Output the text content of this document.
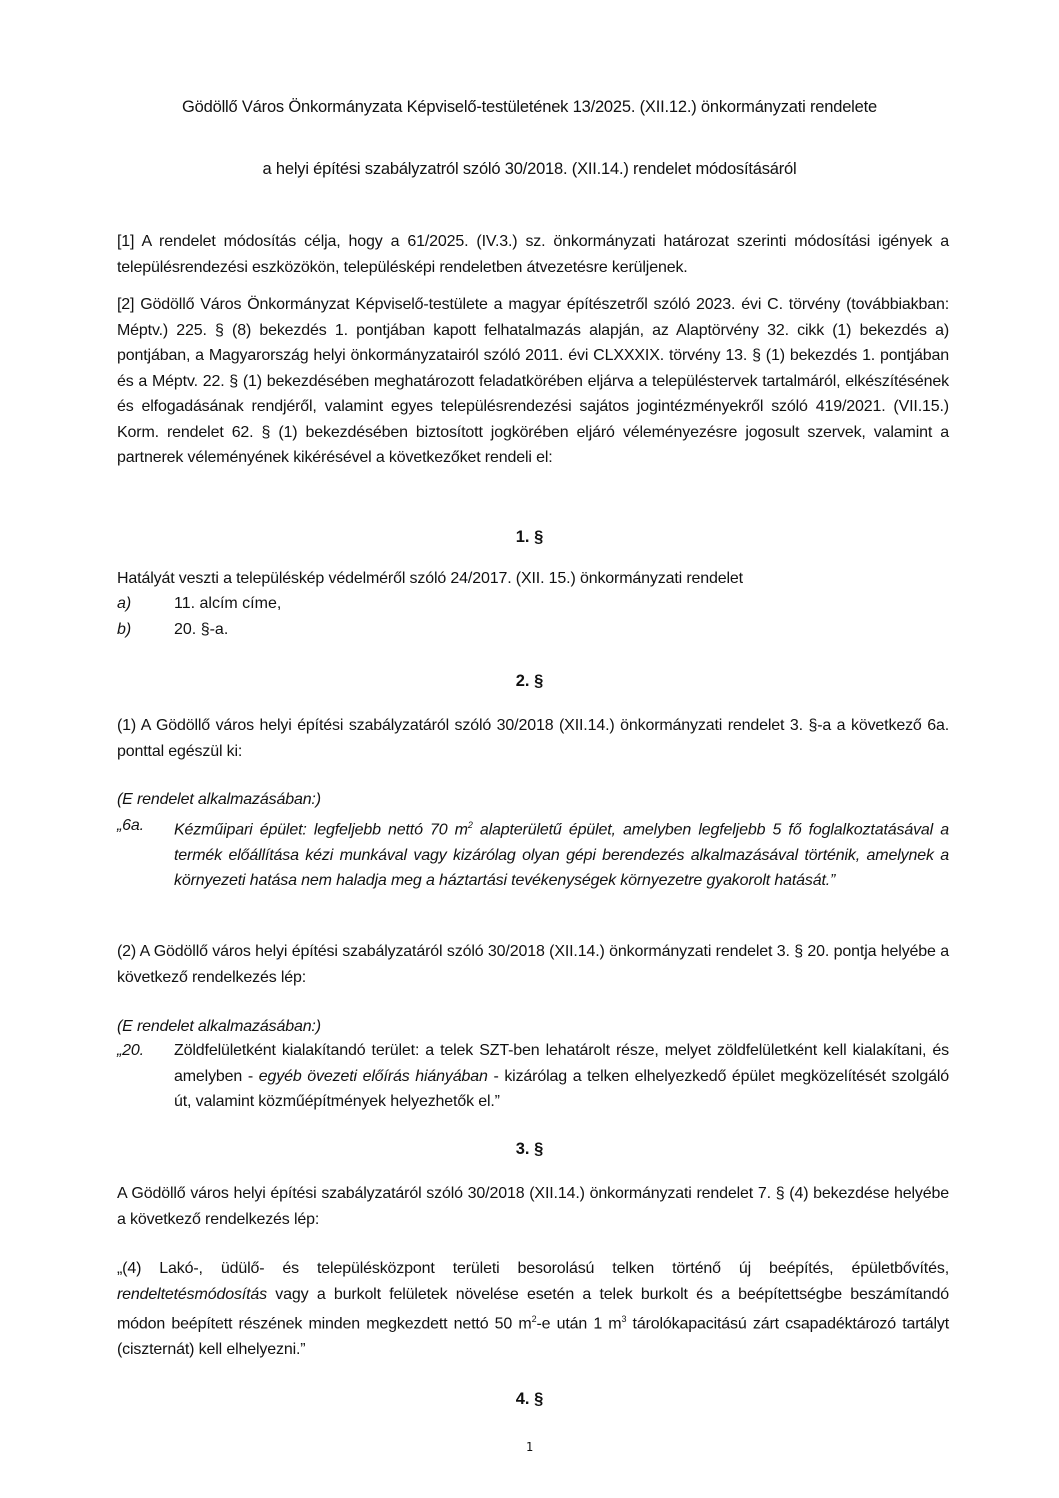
Gödöllő Város Önkormányzata Képviselő-testületének 13/2025. (XII.12.) önkormányzati rendelete
a helyi építési szabályzatról szóló 30/2018. (XII.14.) rendelet módosításáról
[1] A rendelet módosítás célja, hogy a 61/2025. (IV.3.) sz. önkormányzati határozat szerinti módosítási igények a településrendezési eszközökön, településképi rendeletben átvezetésre kerüljenek.
[2] Gödöllő Város Önkormányzat Képviselő-testülete a magyar építészetről szóló 2023. évi C. törvény (továbbiakban: Méptv.) 225. § (8) bekezdés 1. pontjában kapott felhatalmazás alapján, az Alaptörvény 32. cikk (1) bekezdés a) pontjában, a Magyarország helyi önkormányzatairól szóló 2011. évi CLXXXIX. törvény 13. § (1) bekezdés 1. pontjában és a Méptv. 22. § (1) bekezdésében meghatározott feladatkörében eljárva a településtervek tartalmáról, elkészítésének és elfogadásának rendjéről, valamint egyes településrendezési sajátos jogintézményekről szóló 419/2021. (VII.15.) Korm. rendelet 62. § (1) bekezdésében biztosított jogkörében eljáró véleményezésre jogosult szervek, valamint a partnerek véleményének kikérésével a következőket rendeli el:
1. §
Hatályát veszti a településkép védelméről szóló 24/2017. (XII. 15.) önkormányzati rendelet
a)	11. alcím címe,
b)	20. §-a.
2. §
(1) A Gödöllő város helyi építési szabályzatáról szóló 30/2018 (XII.14.) önkormányzati rendelet 3. §-a a következő 6a. ponttal egészül ki:
(E rendelet alkalmazásában:)
„6a.	Kézműipari épület: legfeljebb nettó 70 $m^2$ alapterületű épület, amelyben legfeljebb 5 fő foglalkoztatásával a termék előállítása kézi munkával vagy kizárólag olyan gépi berendezés alkalmazásával történik, amelynek a környezeti hatása nem haladja meg a háztartási tevékenységek környezetre gyakorolt hatását.”
(2) A Gödöllő város helyi építési szabályzatáról szóló 30/2018 (XII.14.) önkormányzati rendelet 3. § 20. pontja helyébe a következő rendelkezés lép:
(E rendelet alkalmazásában:)
„20.	Zöldfelületként kialakítandó terület: a telek SZT-ben lehatárolt része, melyet zöldfelületként kell kialakítani, és amelyben - egyéb övezeti előírás hiányában - kizárólag a telken elhelyezkedő épület megközelítését szolgáló út, valamint közműépítmények helyezhetők el.”
3. §
A Gödöllő város helyi építési szabályzatáról szóló 30/2018 (XII.14.) önkormányzati rendelet 7. § (4) bekezdése helyébe a következő rendelkezés lép:
„(4) Lakó-, üdülő- és településközpont területi besorolású telken történő új beépítés, épületbővítés, rendeltetésmódosítás vagy a burkolt felületek növelése esetén a telek burkolt és a beépítettségbe beszámítandó módon beépített részének minden megkezdett nettó 50 $m^2-e$ után 1 $m^3$ tárolókapacitású zárt csapadéktározó tartályt (ciszternát) kell elhelyezni.”
4. §
1
